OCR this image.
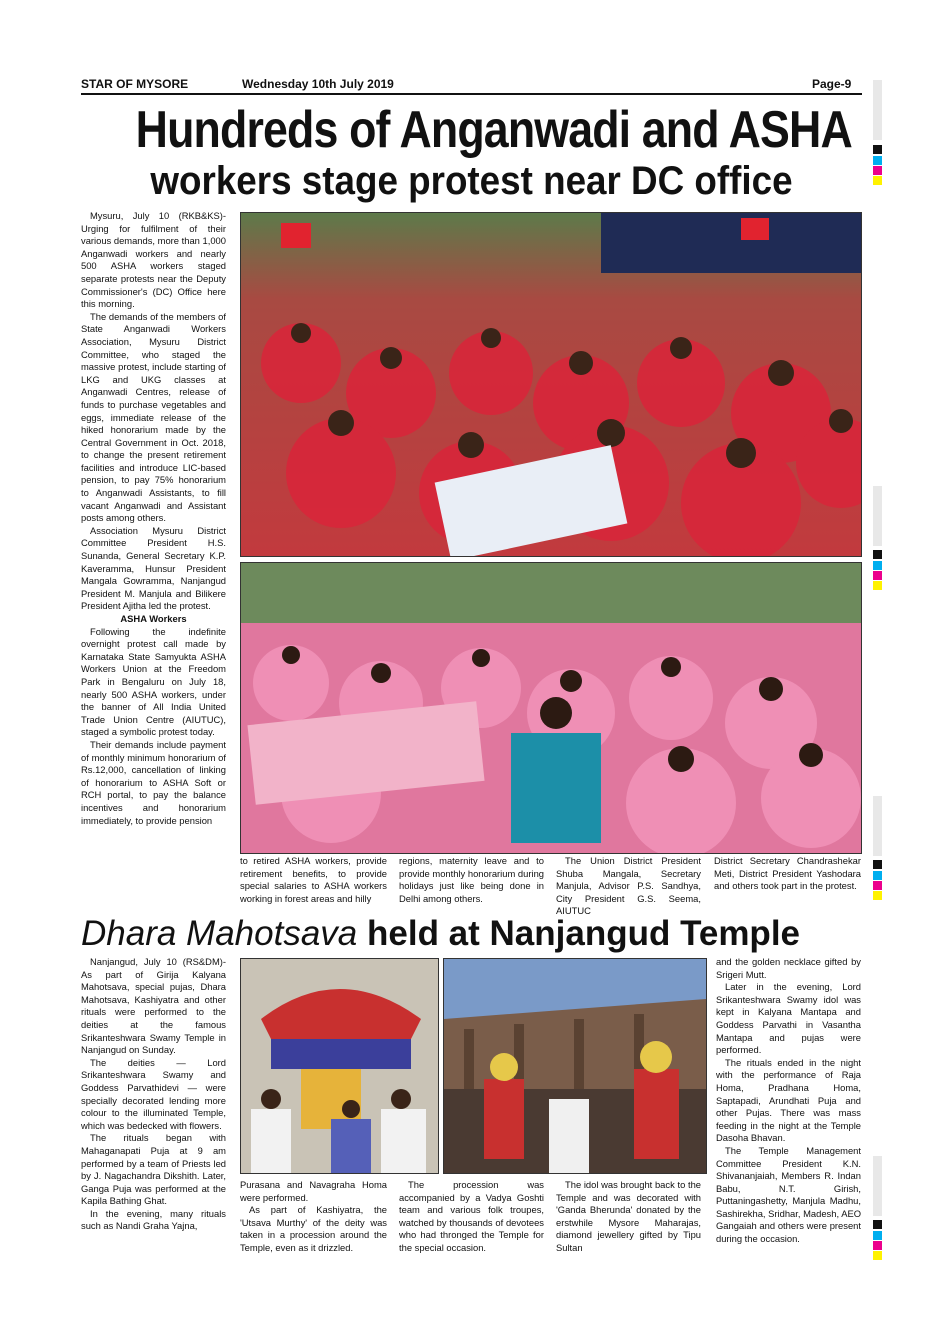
STAR OF MYSORE	Wednesday 10th July 2019	Page-9
Hundreds of Anganwadi and ASHA
workers stage protest near DC office

Mysuru, July 10 (RKB&KS)- Urging for fulfilment of their various demands, more than 1,000 Anganwadi workers and nearly 500 ASHA workers staged separate protests near the Deputy Commissioner's (DC) Office here this morning.

The demands of the members of State Anganwadi Workers Association, Mysuru District Committee, who staged the massive protest, include starting of LKG and UKG classes at Anganwadi Centres, release of funds to purchase vegetables and eggs, immediate release of the hiked honorarium made by the Central Government in Oct. 2018, to change the present retirement facilities and introduce LIC-based pension, to pay 75% honorarium to Anganwadi Assistants, to fill vacant Anganwadi and Assistant posts among others.

Association Mysuru District Committee President H.S. Sunanda, General Secretary K.P. Kaveramma, Hunsur President Mangala Gowramma, Nanjangud President M. Manjula and Bilikere President Ajitha led the protest.

ASHA Workers

Following the indefinite overnight protest call made by Karnataka State Samyukta ASHA Workers Union at the Freedom Park in Bengaluru on July 18, nearly 500 ASHA workers, under the banner of All India United Trade Union Centre (AIUTUC), staged a symbolic protest today.

Their demands include payment of monthly minimum honorarium of Rs.12,000, cancellation of linking of honorarium to ASHA Soft or RCH portal, to pay the balance incentives and honorarium immediately, to provide pension

to retired ASHA workers, provide retirement benefits, to provide special salaries to ASHA workers working in forest areas and hilly

regions, maternity leave and to provide monthly honorarium during holidays just like being done in Delhi among others.

The Union District President Shuba Mangala, Secretary Manjula, Advisor P.S. Sandhya, City President G.S. Seema, AIUTUC

District Secretary Chandrashekar Meti, District President Yashodara and others took part in the protest.

Dhara Mahotsava held at Nanjangud Temple

Nanjangud, July 10 (RS&DM)- As part of Girija Kalyana Mahotsava, special pujas, Dhara Mahotsava, Kashiyatra and other rituals were performed to the deities at the famous Srikanteshwara Swamy Temple in Nanjangud on Sunday.

The deities — Lord Srikanteshwara Swamy and Goddess Parvathidevi — were specially decorated lending more colour to the illuminated Temple, which was bedecked with flowers.

The rituals began with Mahaganapati Puja at 9 am performed by a team of Priests led by J. Nagachandra Dikshith. Later, Ganga Puja was performed at the Kapila Bathing Ghat.

In the evening, many rituals such as Nandi Graha Yajna,

Purasana and Navagraha Homa were performed.

As part of Kashiyatra, the 'Utsava Murthy' of the deity was taken in a procession around the Temple, even as it drizzled.

The procession was accompanied by a Vadya Goshti team and various folk troupes, watched by thousands of devotees who had thronged the Temple for the special occasion.

The idol was brought back to the Temple and was decorated with 'Ganda Bherunda' donated by the erstwhile Mysore Maharajas, diamond jewellery gifted by Tipu Sultan

and the golden necklace gifted by Srigeri Mutt.

Later in the evening, Lord Srikanteshwara Swamy idol was kept in Kalyana Mantapa and Goddess Parvathi in Vasantha Mantapa and pujas were performed.

The rituals ended in the night with the performance of Raja Homa, Pradhana Homa, Saptapadi, Arundhati Puja and other Pujas. There was mass feeding in the night at the Temple Dasoha Bhavan.

The Temple Management Committee President K.N. Shivananjaiah, Members R. Indan Babu, N.T. Girish, Puttaningashetty, Manjula Madhu, Sashirekha, Sridhar, Madesh, AEO Gangaiah and others were present during the occasion.
